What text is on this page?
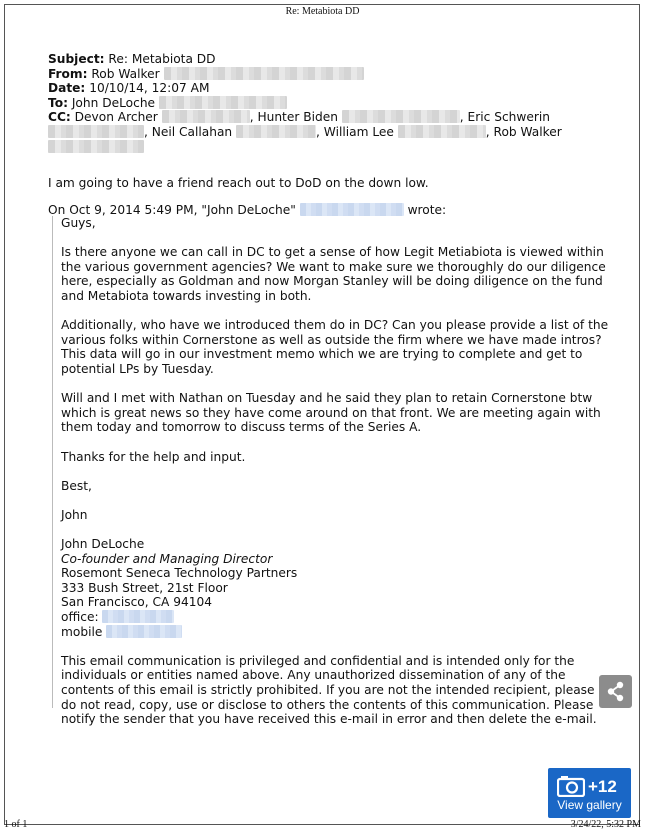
Re: Metabiota DD
Subject: Re: Metabiota DD
From: Rob Walker
Date: 10/10/14, 12:07 AM
To: John DeLoche
CC: Devon Archer	, Hunter Biden	, Eric Schwerin
, Neil Callahan	, William Lee	, Rob Walker
I am going to have a friend reach out to DoD on the down low.
On Oct 9, 2014 5:49 PM, "John DeLoche"	wrote:

Guys,

Is there anyone we can call in DC to get a sense of how Legit Metiabiota is viewed within the various government agencies? We want to make sure we thoroughly do our diligence here, especially as Goldman and now Morgan Stanley will be doing diligence on the fund and Metabiota towards investing in both.

Additionally, who have we introduced them do in DC? Can you please provide a list of the various folks within Cornerstone as well as outside the firm where we have made intros? This data will go in our investment memo which we are trying to complete and get to potential LPs by Tuesday.

Will and I met with Nathan on Tuesday and he said they plan to retain Cornerstone btw which is great news so they have come around on that front. We are meeting again with them today and tomorrow to discuss terms of the Series A.

Thanks for the help and input.

Best,

John

John DeLoche
Co-founder and Managing Director
Rosemont Seneca Technology Partners
333 Bush Street, 21st Floor
San Francisco, CA 94104
office:
mobile

This email communication is privileged and confidential and is intended only for the individuals or entities named above. Any unauthorized dissemination of any of the contents of this email is strictly prohibited. If you are not the intended recipient, please do not read, copy, use or disclose to others the contents of this communication. Please notify the sender that you have received this e-mail in error and then delete the e-mail.

1 of 1	3/24/22, 5:32 PM
+12
View gallery
